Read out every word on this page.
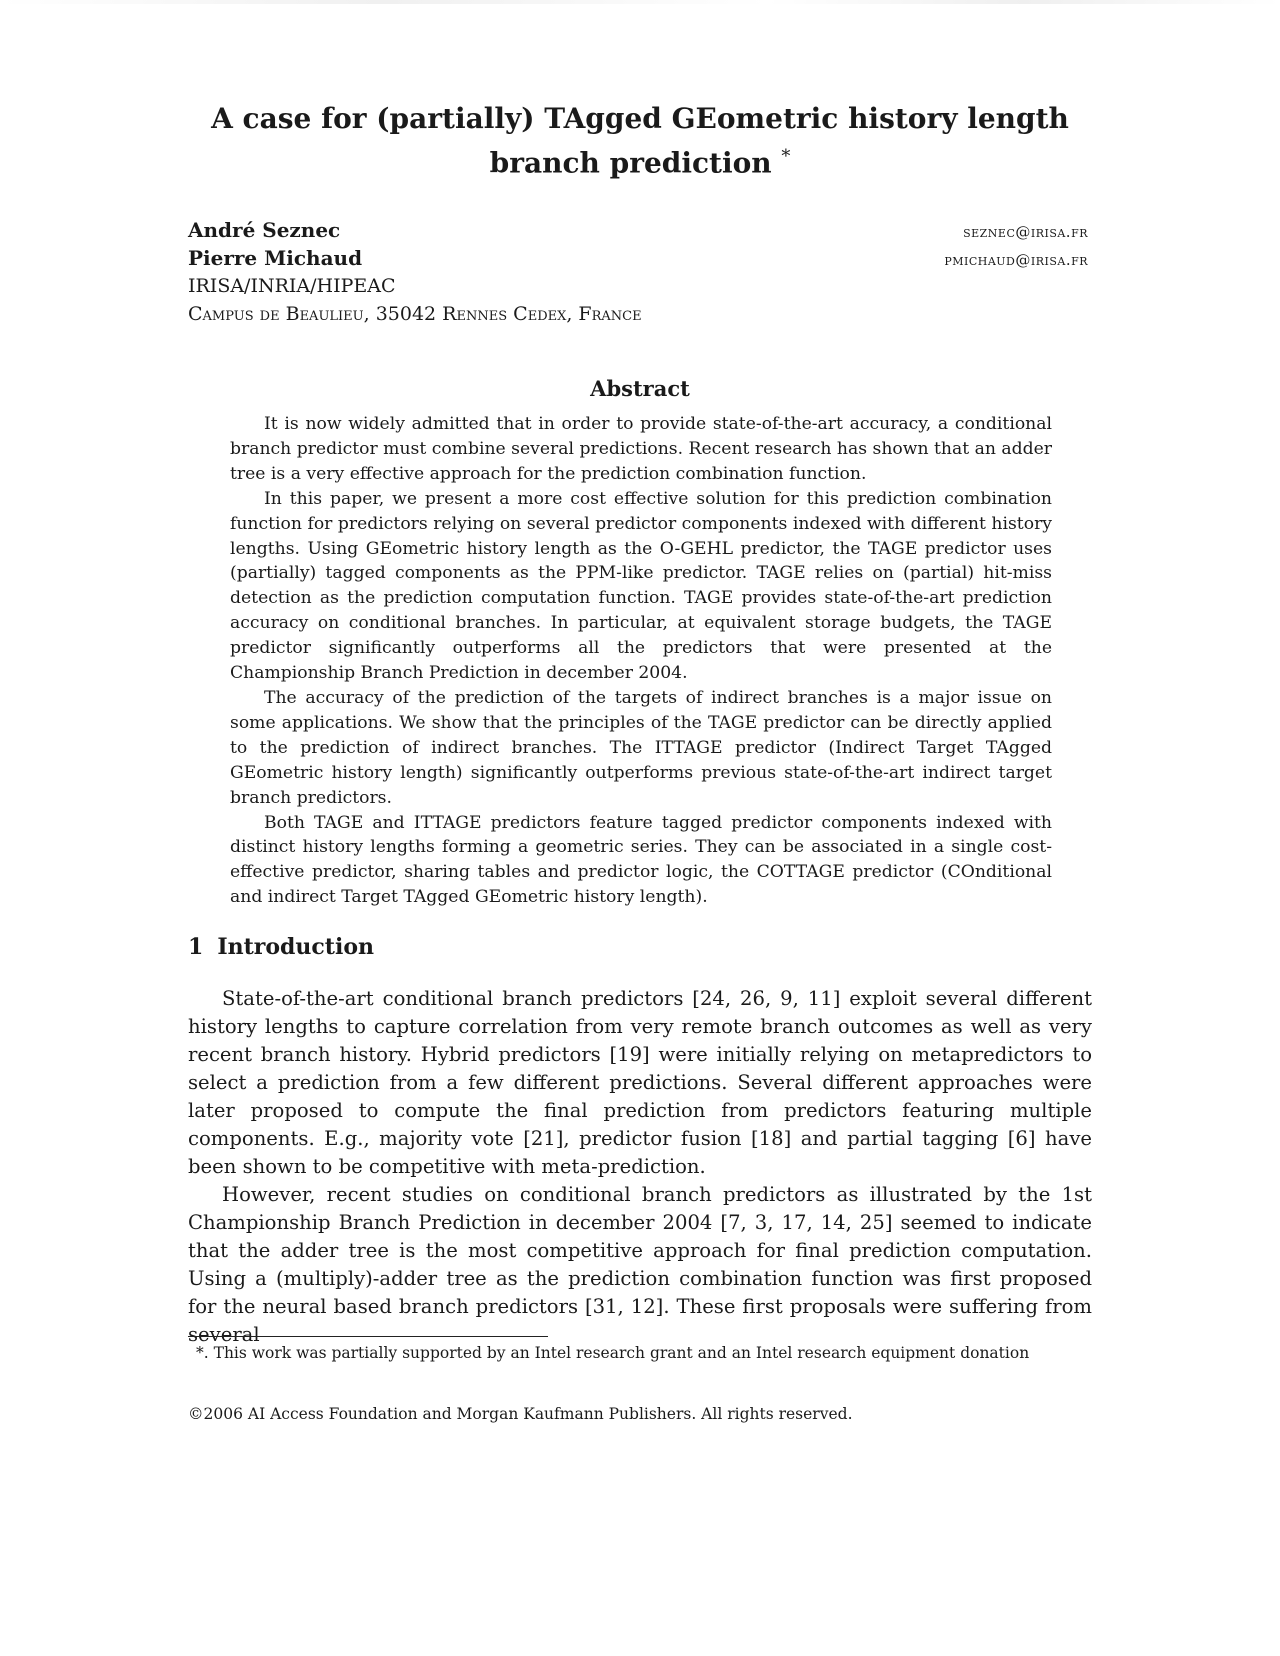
A case for (partially) TAgged GEometric history length
branch prediction *
André Seznec
Pierre Michaud
IRISA/INRIA/HIPEAC
Campus de Beaulieu, 35042 Rennes Cedex, France
seznec@irisa.fr
pmichaud@irisa.fr
Abstract

It is now widely admitted that in order to provide state-of-the-art accuracy, a conditional branch predictor must combine several predictions. Recent research has shown that an adder tree is a very effective approach for the prediction combination function.

In this paper, we present a more cost effective solution for this prediction combination function for predictors relying on several predictor components indexed with different history lengths. Using GEometric history length as the O-GEHL predictor, the TAGE predictor uses (partially) tagged components as the PPM-like predictor. TAGE relies on (partial) hit-miss detection as the prediction computation function. TAGE provides state-of-the-art prediction accuracy on conditional branches. In particular, at equivalent storage budgets, the TAGE predictor significantly outperforms all the predictors that were presented at the Championship Branch Prediction in december 2004.

The accuracy of the prediction of the targets of indirect branches is a major issue on some applications. We show that the principles of the TAGE predictor can be directly applied to the prediction of indirect branches. The ITTAGE predictor (Indirect Target TAgged GEometric history length) significantly outperforms previous state-of-the-art indirect target branch predictors.

Both TAGE and ITTAGE predictors feature tagged predictor components indexed with distinct history lengths forming a geometric series. They can be associated in a single cost-effective predictor, sharing tables and predictor logic, the COTTAGE predictor (COnditional and indirect Target TAgged GEometric history length).

1 Introduction

State-of-the-art conditional branch predictors [24, 26, 9, 11] exploit several different history lengths to capture correlation from very remote branch outcomes as well as very recent branch history. Hybrid predictors [19] were initially relying on metapredictors to select a prediction from a few different predictions. Several different approaches were later proposed to compute the final prediction from predictors featuring multiple components. E.g., majority vote [21], predictor fusion [18] and partial tagging [6] have been shown to be competitive with meta-prediction.

However, recent studies on conditional branch predictors as illustrated by the 1st Championship Branch Prediction in december 2004 [7, 3, 17, 14, 25] seemed to indicate that the adder tree is the most competitive approach for final prediction computation. Using a (multiply)-adder tree as the prediction combination function was first proposed for the neural based branch predictors [31, 12]. These first proposals were suffering from several

*. This work was partially supported by an Intel research grant and an Intel research equipment donation
©2006 AI Access Foundation and Morgan Kaufmann Publishers. All rights reserved.
